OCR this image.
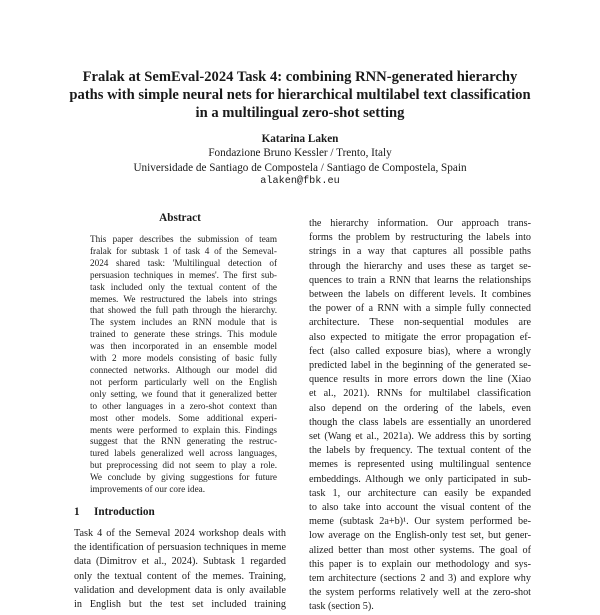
Fralak at SemEval-2024 Task 4: combining RNN-generated hierarchy
paths with simple neural nets for hierarchical multilabel text classification
in a multilingual zero-shot setting
Katarina Laken
Fondazione Bruno Kessler / Trento, Italy
Universidade de Santiago de Compostela / Santiago de Compostela, Spain
alaken@fbk.eu
Abstract
This paper describes the submission of team
fralak for subtask 1 of task 4 of the Semeval-
2024 shared task: 'Multilingual detection of
persuasion techniques in memes'. The first sub-
task included only the textual content of the
memes. We restructured the labels into strings
that showed the full path through the hierarchy.
The system includes an RNN module that is
trained to generate these strings. This module
was then incorporated in an ensemble model
with 2 more models consisting of basic fully
connected networks. Although our model did
not perform particularly well on the English
only setting, we found that it generalized better
to other languages in a zero-shot context than
most other models. Some additional experi-
ments were performed to explain this. Findings
suggest that the RNN generating the restruc-
tured labels generalized well across languages,
but preprocessing did not seem to play a role.
We conclude by giving suggestions for future
improvements of our core idea.
1 Introduction
Task 4 of the Semeval 2024 workshop deals with
the identification of persuasion techniques in meme
data (Dimitrov et al., 2024). Subtask 1 regarded
only the textual content of the memes. Training,
validation and development data is only available
in English but the test set included training
the hierarchy information. Our approach trans-
forms the problem by restructuring the labels into
strings in a way that captures all possible paths
through the hierarchy and uses these as target se-
quences to train a RNN that learns the relationships
between the labels on different levels. It combines
the power of a RNN with a simple fully connected
architecture. These non-sequential modules are
also expected to mitigate the error propagation ef-
fect (also called exposure bias), where a wrongly
predicted label in the beginning of the generated se-
quence results in more errors down the line (Xiao
et al., 2021). RNNs for multilabel classification
also depend on the ordering of the labels, even
though the class labels are essentially an unordered
set (Wang et al., 2021a). We address this by sorting
the labels by frequency. The textual content of the
memes is represented using multilingual sentence
embeddings. Although we only participated in sub-
task 1, our architecture can easily be expanded
to also take into account the visual content of the
meme (subtask 2a+b)¹. Our system performed be-
low average on the English-only test set, but gener-
alized better than most other systems. The goal of
this paper is to explain our methodology and sys-
tem architecture (sections 2 and 3) and explore why
the system performs relatively well at the zero-shot
task (section 5).
